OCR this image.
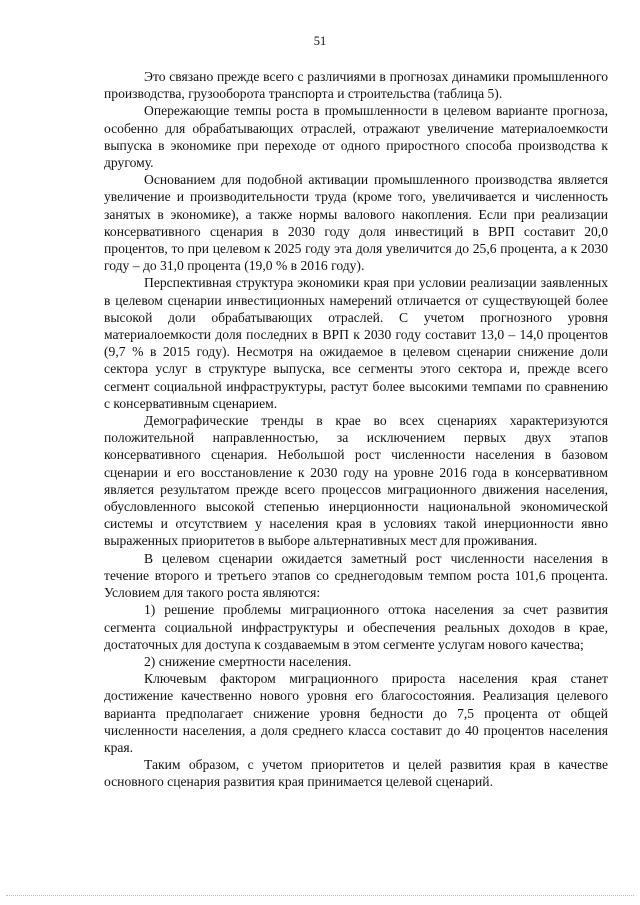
51

Это связано прежде всего с различиями в прогнозах динамики промышленного производства, грузооборота транспорта и строительства (таблица 5).

Опережающие темпы роста в промышленности в целевом варианте прогноза, особенно для обрабатывающих отраслей, отражают увеличение материалоемкости выпуска в экономике при переходе от одного приростного способа производства к другому.

Основанием для подобной активации промышленного производства является увеличение и производительности труда (кроме того, увеличивается и численность занятых в экономике), а также нормы валового накопления. Если при реализации консервативного сценария в 2030 году доля инвестиций в ВРП составит 20,0 процентов, то при целевом к 2025 году эта доля увеличится до 25,6 процента, а к 2030 году – до 31,0 процента (19,0 % в 2016 году).

Перспективная структура экономики края при условии реализации заявленных в целевом сценарии инвестиционных намерений отличается от существующей более высокой доли обрабатывающих отраслей. С учетом прогнозного уровня материалоемкости доля последних в ВРП к 2030 году составит 13,0 – 14,0 процентов (9,7 % в 2015 году). Несмотря на ожидаемое в целевом сценарии снижение доли сектора услуг в структуре выпуска, все сегменты этого сектора и, прежде всего сегмент социальной инфраструктуры, растут более высокими темпами по сравнению с консервативным сценарием.

Демографические тренды в крае во всех сценариях характеризуются положительной направленностью, за исключением первых двух этапов консервативного сценария. Небольшой рост численности населения в базовом сценарии и его восстановление к 2030 году на уровне 2016 года в консервативном является результатом прежде всего процессов миграционного движения населения, обусловленного высокой степенью инерционности национальной экономической системы и отсутствием у населения края в условиях такой инерционности явно выраженных приоритетов в выборе альтернативных мест для проживания.

В целевом сценарии ожидается заметный рост численности населения в течение второго и третьего этапов со среднегодовым темпом роста 101,6 процента. Условием для такого роста являются:

1) решение проблемы миграционного оттока населения за счет развития сегмента социальной инфраструктуры и обеспечения реальных доходов в крае, достаточных для доступа к создаваемым в этом сегменте услугам нового качества;

2) снижение смертности населения.

Ключевым фактором миграционного прироста населения края станет достижение качественно нового уровня его благосостояния. Реализация целевого варианта предполагает снижение уровня бедности до 7,5 процента от общей численности населения, а доля среднего класса составит до 40 процентов населения края.

Таким образом, с учетом приоритетов и целей развития края в качестве основного сценария развития края принимается целевой сценарий.
